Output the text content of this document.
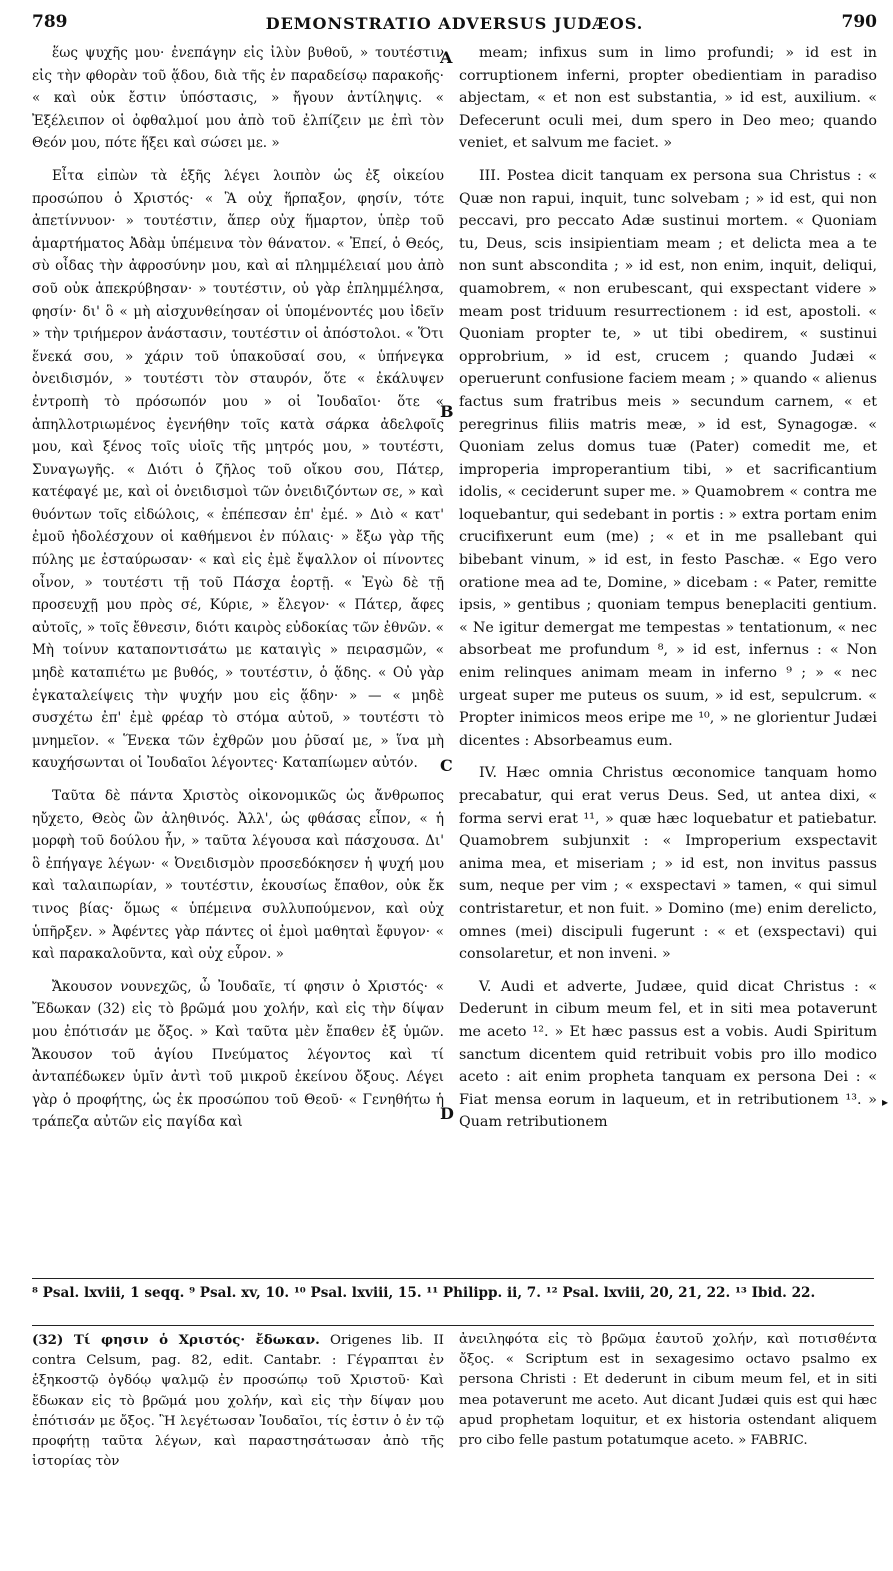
789	DEMONSTRATIO ADVERSUS JUDÆOS.	790

ἕως ψυχῆς μου· ἐνεπάγην εἰς ἰλὺν βυθοῦ, » τουτέστιν εἰς τὴν φθορὰν τοῦ ᾅδου, διὰ τῆς ἐν παραδείσῳ παρακοῆς· « καὶ οὐκ ἔστιν ὑπόστασις, » ἤγουν ἀντίληψις. « Ἐξέλειπον οἱ ὀφθαλμοί μου ἀπὸ τοῦ ἐλπίζειν με ἐπὶ τὸν Θεόν μου, πότε ἥξει καὶ σώσει με. »

Εἶτα εἰπὼν τὰ ἑξῆς λέγει λοιπὸν ὡς ἐξ οἰκείου προσώπου ὁ Χριστός· « Ἃ οὐχ ἥρπαξον, φησίν, τότε ἀπετίννυον· » τουτέστιν, ἅπερ οὐχ ἥμαρτον, ὑπὲρ τοῦ ἁμαρτήματος Ἀδὰμ ὑπέμεινα τὸν θάνατον. « Ἐπεί, ὁ Θεός, σὺ οἶδας τὴν ἀφροσύνην μου, καὶ αἱ πλημμέλειαί μου ἀπὸ σοῦ οὐκ ἀπεκρύβησαν· » τουτέστιν, οὐ γὰρ ἐπλημμέλησα, φησίν· δι' ὃ « μὴ αἰσχυνθείησαν οἱ ὑπομένοντές μου ἰδεῖν » τὴν τριήμερον ἀνάστασιν, τουτέστιν οἱ ἀπόστολοι. « Ὅτι ἕνεκά σου, » χάριν τοῦ ὑπακοῦσαί σου, « ὑπήνεγκα ὀνειδισμόν, » τουτέστι τὸν σταυρόν, ὅτε « ἐκάλυψεν ἐντροπὴ τὸ πρόσωπόν μου » οἱ Ἰουδαῖοι· ὅτε « ἀπηλλοτριωμένος ἐγενήθην τοῖς κατὰ σάρκα ἀδελφοῖς μου, καὶ ξένος τοῖς υἱοῖς τῆς μητρός μου, » τουτέστι, Συναγωγῆς. « Διότι ὁ ζῆλος τοῦ οἴκου σου, Πάτερ, κατέφαγέ με, καὶ οἱ ὀνειδισμοὶ τῶν ὀνειδιζόντων σε, » καὶ θυόντων τοῖς εἰδώλοις, « ἐπέπεσαν ἐπ' ἐμέ. » Διὸ « κατ' ἐμοῦ ἠδολέσχουν οἱ καθήμενοι ἐν πύλαις· » ἔξω γὰρ τῆς πύλης με ἐσταύρωσαν· « καὶ εἰς ἐμὲ ἔψαλλον οἱ πίνοντες οἶνον, » τουτέστι τῇ τοῦ Πάσχα ἑορτῇ. « Ἐγὼ δὲ τῇ προσευχῇ μου πρὸς σέ, Κύριε, » ἔλεγον· « Πάτερ, ἄφες αὐτοῖς, » τοῖς ἔθνεσιν, διότι καιρὸς εὐδοκίας τῶν ἐθνῶν. « Μὴ τοίνυν καταποντισάτω με καταιγὶς » πειρασμῶν, « μηδὲ καταπιέτω με βυθός, » τουτέστιν, ὁ ᾅδης. « Οὐ γὰρ ἐγκαταλείψεις τὴν ψυχήν μου εἰς ᾅδην· » — « μηδὲ συσχέτω ἐπ' ἐμὲ φρέαρ τὸ στόμα αὐτοῦ, » τουτέστι τὸ μνημεῖον. « Ἕνεκα τῶν ἐχθρῶν μου ῥῦσαί με, » ἵνα μὴ καυχήσωνται οἱ Ἰουδαῖοι λέγοντες· Καταπίωμεν αὐτόν.

Ταῦτα δὲ πάντα Χριστὸς οἰκονομικῶς ὡς ἄνθρωπος ηὔχετο, Θεὸς ὢν ἀληθινός. Ἀλλ', ὡς φθάσας εἶπον, « ἡ μορφὴ τοῦ δούλου ἦν, » ταῦτα λέγουσα καὶ πάσχουσα. Δι' ὃ ἐπήγαγε λέγων· « Ὀνειδισμὸν προσεδόκησεν ἡ ψυχή μου καὶ ταλαιπωρίαν, » τουτέστιν, ἑκουσίως ἔπαθον, οὐκ ἔκ τινος βίας· ὅμως « ὑπέμεινα συλλυπούμενον, καὶ οὐχ ὑπῆρξεν. » Ἀφέντες γὰρ πάντες οἱ ἐμοὶ μαθηταὶ ἔφυγον· « καὶ παρακαλοῦντα, καὶ οὐχ εὗρον. »

Ἄκουσον νουνεχῶς, ὦ Ἰουδαῖε, τί φησιν ὁ Χριστός· « Ἔδωκαν (32) εἰς τὸ βρῶμά μου χολήν, καὶ εἰς τὴν δίψαν μου ἐπότισάν με ὄξος. » Καὶ ταῦτα μὲν ἔπαθεν ἐξ ὑμῶν. Ἄκουσον τοῦ ἁγίου Πνεύματος λέγοντος καὶ τί ἀνταπέδωκεν ὑμῖν ἀντὶ τοῦ μικροῦ ἐκείνου ὄξους. Λέγει γὰρ ὁ προφήτης, ὡς ἐκ προσώπου τοῦ Θεοῦ· « Γενηθήτω ἡ τράπεζα αὐτῶν εἰς παγίδα καὶ

A
B
C
D

meam; infixus sum in limo profundi; » id est in corruptionem inferni, propter obedientiam in paradiso abjectam, « et non est substantia, » id est, auxilium. « Defecerunt oculi mei, dum spero in Deo meo; quando veniet, et salvum me faciet. »

III. Postea dicit tanquam ex persona sua Christus : « Quæ non rapui, inquit, tunc solvebam ; » id est, qui non peccavi, pro peccato Adæ sustinui mortem. « Quoniam tu, Deus, scis insipientiam meam ; et delicta mea a te non sunt abscondita ; » id est, non enim, inquit, deliqui, quamobrem, « non erubescant, qui exspectant videre » meam post triduum resurrectionem : id est, apostoli. « Quoniam propter te, » ut tibi obedirem, « sustinui opprobrium, » id est, crucem ; quando Judæi « operuerunt confusione faciem meam ; » quando « alienus factus sum fratribus meis » secundum carnem, « et peregrinus filiis matris meæ, » id est, Synagogæ. « Quoniam zelus domus tuæ (Pater) comedit me, et improperia improperantium tibi, » et sacrificantium idolis, « ceciderunt super me. » Quamobrem « contra me loquebantur, qui sedebant in portis : » extra portam enim crucifixerunt eum (me) ; « et in me psallebant qui bibebant vinum, » id est, in festo Paschæ. « Ego vero oratione mea ad te, Domine, » dicebam : « Pater, remitte ipsis, » gentibus ; quoniam tempus beneplaciti gentium. « Ne igitur demergat me tempestas » tentationum, « nec absorbeat me profundum ⁸, » id est, infernus : « Non enim relinques animam meam in inferno ⁹ ; » « nec urgeat super me puteus os suum, » id est, sepulcrum. « Propter inimicos meos eripe me ¹⁰, » ne glorientur Judæi dicentes : Absorbeamus eum.

IV. Hæc omnia Christus œconomice tanquam homo precabatur, qui erat verus Deus. Sed, ut antea dixi, « forma servi erat ¹¹, » quæ hæc loquebatur et patiebatur. Quamobrem subjunxit : « Improperium exspectavit anima mea, et miseriam ; » id est, non invitus passus sum, neque per vim ; « exspectavi » tamen, « qui simul contristaretur, et non fuit. » Domino (me) enim derelicto, omnes (mei) discipuli fugerunt : « et (exspectavi) qui consolaretur, et non inveni. »

V. Audi et adverte, Judæe, quid dicat Christus : « Dederunt in cibum meum fel, et in siti mea potaverunt me aceto ¹². » Et hæc passus est a vobis. Audi Spiritum sanctum dicentem quid retribuit vobis pro illo modico aceto : ait enim propheta tanquam ex persona Dei : « Fiat mensa eorum in laqueum, et in retributionem ¹³. » Quam retributionem

▸
⁸ Psal. lxviii, 1 seqq. ⁹ Psal. xv, 10. ¹⁰ Psal. lxviii, 15. ¹¹ Philipp. ii, 7. ¹² Psal. lxviii, 20, 21, 22. ¹³ Ibid. 22.

(32) Τί φησιν ὁ Χριστός· ἔδωκαν. Origenes lib. II contra Celsum, pag. 82, edit. Cantabr. : Γέγραπται ἐν ἑξηκοστῷ ὀγδόῳ ψαλμῷ ἐν προσώπῳ τοῦ Χριστοῦ· Καὶ ἔδωκαν εἰς τὸ βρῶμά μου χολήν, καὶ εἰς τὴν δίψαν μου ἐπότισάν με ὄξος. Ἢ λεγέτωσαν Ἰουδαῖοι, τίς ἐστιν ὁ ἐν τῷ προφήτῃ ταῦτα λέγων, καὶ παραστησάτωσαν ἀπὸ τῆς ἱστορίας τὸν

ἀνειληφότα εἰς τὸ βρῶμα ἑαυτοῦ χολήν, καὶ ποτισθέντα ὄξος. « Scriptum est in sexagesimo octavo psalmo ex persona Christi : Et dederunt in cibum meum fel, et in siti mea potaverunt me aceto. Aut dicant Judæi quis est qui hæc apud prophetam loquitur, et ex historia ostendant aliquem pro cibo felle pastum potatumque aceto. » FABRIC.
